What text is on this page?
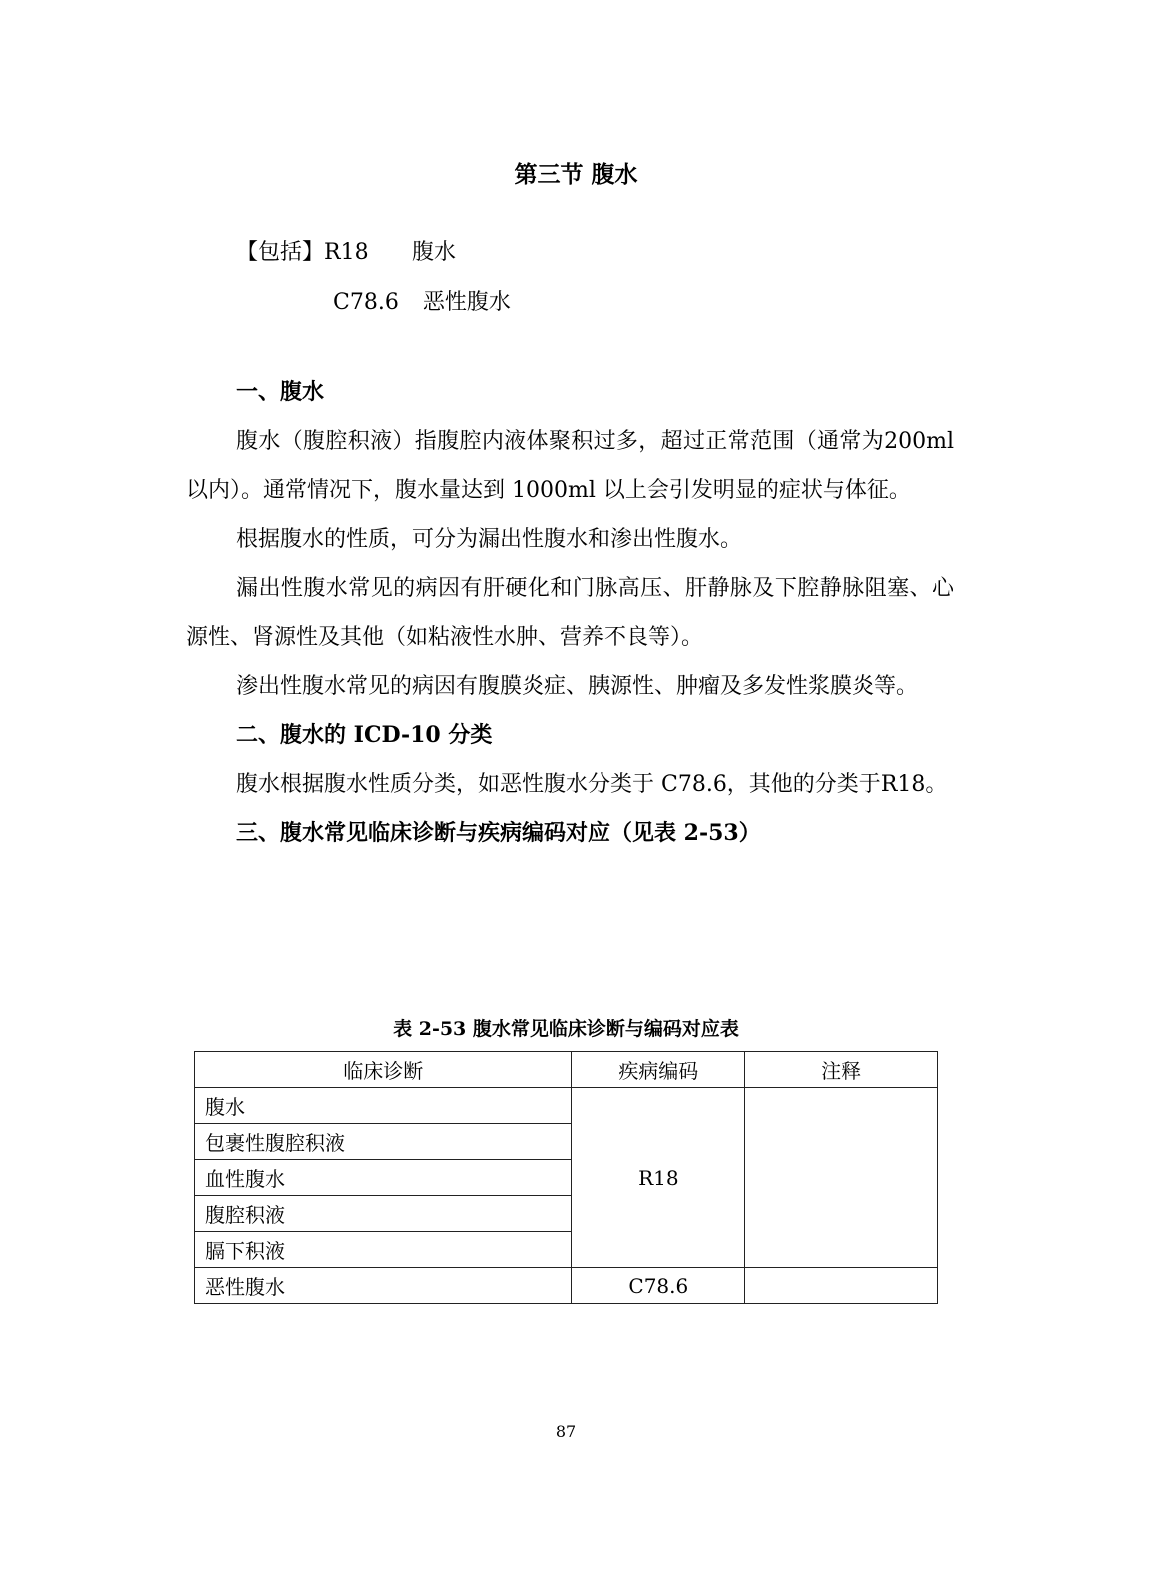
第三节 腹水
【包括】R18 腹水
C78.6 恶性腹水
一、腹水

腹水（腹腔积液）指腹腔内液体聚积过多，超过正常范围（通常为200ml 以内）。通常情况下，腹水量达到 1000ml 以上会引发明显的症状与体征。

根据腹水的性质，可分为漏出性腹水和渗出性腹水。

漏出性腹水常见的病因有肝硬化和门脉高压、肝静脉及下腔静脉阻塞、心源性、肾源性及其他（如粘液性水肿、营养不良等）。

渗出性腹水常见的病因有腹膜炎症、胰源性、肿瘤及多发性浆膜炎等。

二、腹水的 ICD-10 分类

腹水根据腹水性质分类，如恶性腹水分类于 C78.6，其他的分类于R18。

三、腹水常见临床诊断与疾病编码对应（见表 2-53）
表 2-53 腹水常见临床诊断与编码对应表
临床诊断	疾病编码	注释
腹水	R18	
包裹性腹腔积液		
血性腹水		
腹腔积液		
膈下积液		
恶性腹水	C78.6	
87
